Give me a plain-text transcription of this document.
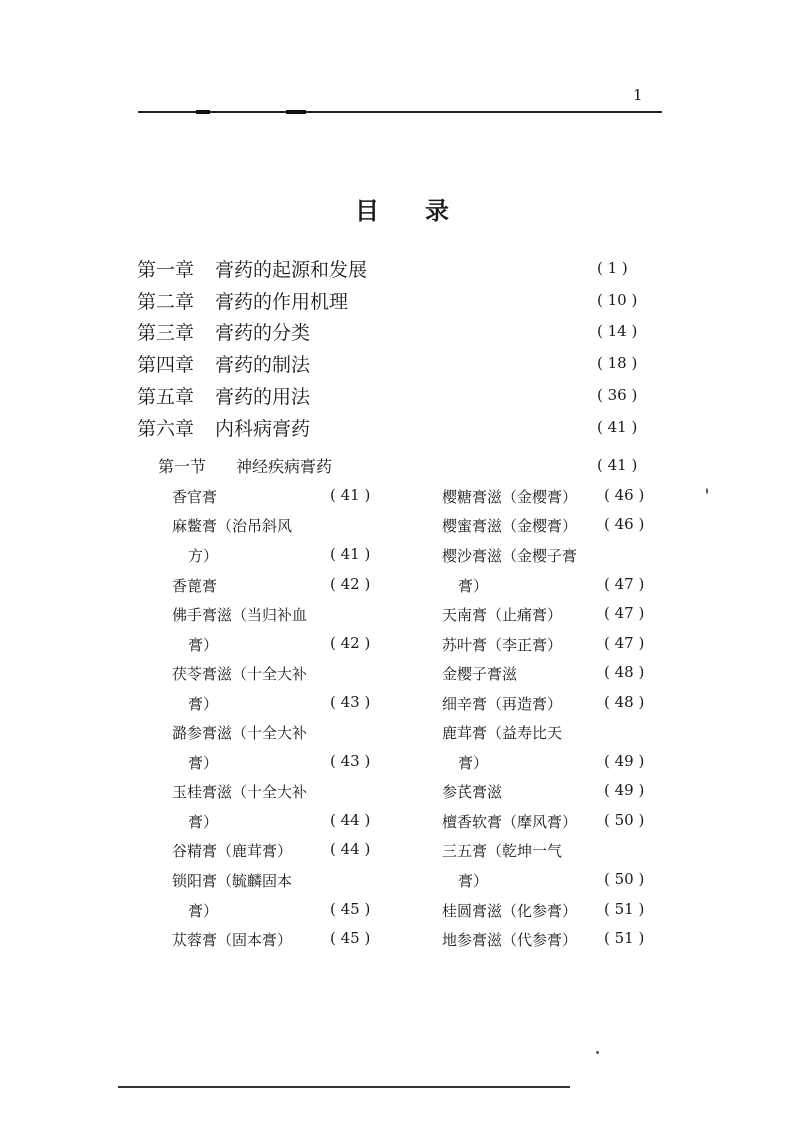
1
目 录
第一章 膏药的起源和发展	( 1 )
第二章 膏药的作用机理	( 10 )
第三章 膏药的分类	( 14 )
第四章 膏药的制法	( 18 )
第五章 膏药的用法	( 36 )
第六章 内科病膏药	( 41 )
第一节 神经疾病膏药	( 41 )
香官膏	( 41 )
麻鳖膏（治吊斜风
方）	( 41 )
香蓖膏	( 42 )
佛手膏滋（当归补血
膏）	( 42 )
茯苓膏滋（十全大补
膏）	( 43 )
潞参膏滋（十全大补
膏）	( 43 )
玉桂膏滋（十全大补
膏）	( 44 )
谷精膏（鹿茸膏）	( 44 )
锁阳膏（毓麟固本
膏）	( 45 )
苁蓉膏（固本膏）	( 45 )
樱糖膏滋（金樱膏） ( 46 )
樱蜜膏滋（金樱膏） ( 46 )
樱沙膏滋（金樱子膏
膏）	( 47 )
天南膏（止痛膏）	( 47 )
苏叶膏（李正膏）	( 47 )
金樱子膏滋	( 48 )
细辛膏（再造膏）	( 48 )
鹿茸膏（益寿比天
膏）	( 49 )
参芪膏滋	( 49 )
檀香软膏（摩风膏） ( 50 )
三五膏（乾坤一气
膏）	( 50 )
桂圆膏滋（化参膏） ( 51 )
地参膏滋（代参膏） ( 51 )
